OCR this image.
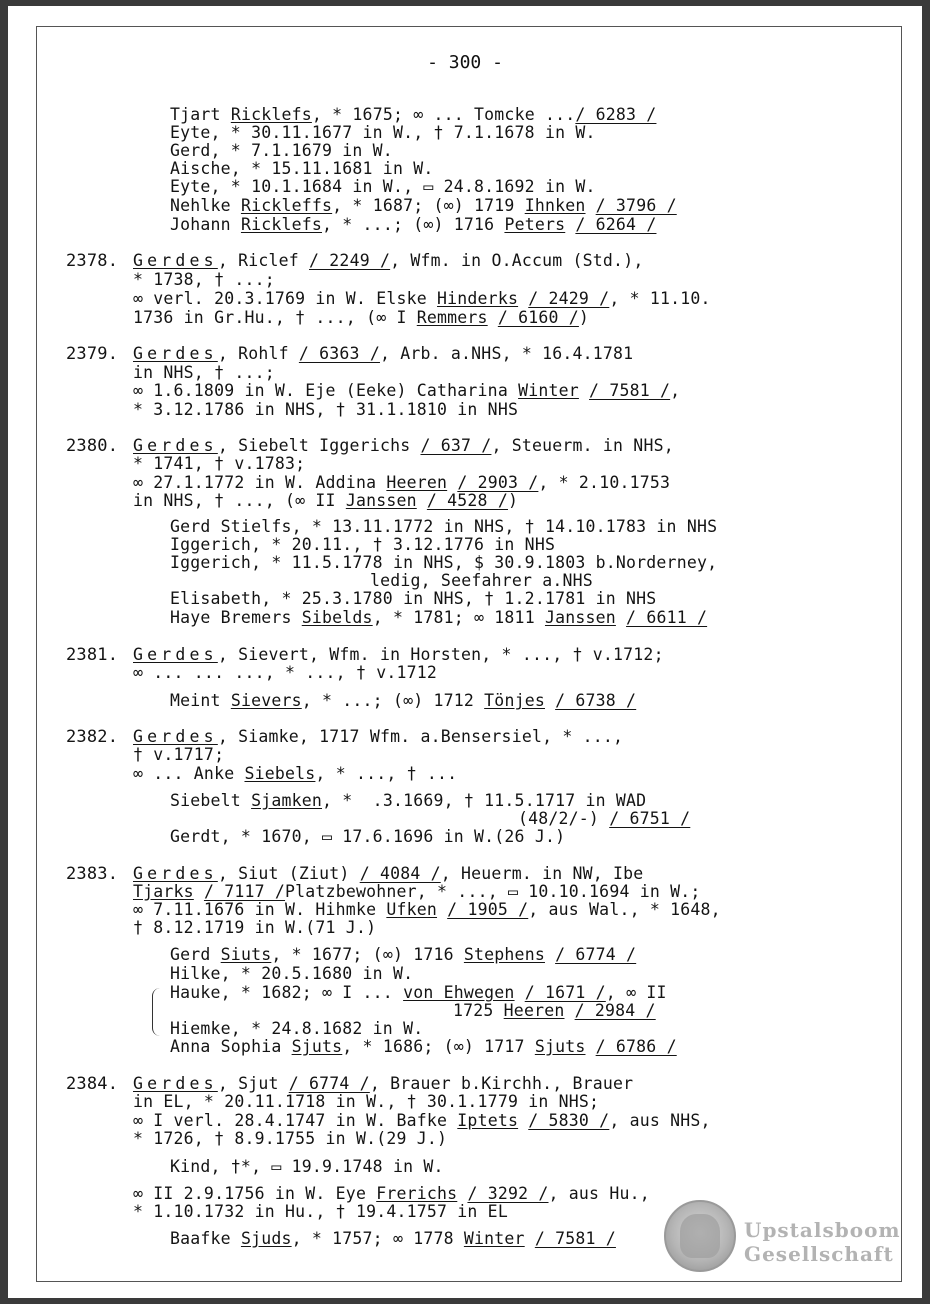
- 300 -
Tjart Ricklefs, * 1675; ∞ ... Tomcke .../ 6283 /
Eyte, * 30.11.1677 in W., † 7.1.1678 in W.
Gerd, * 7.1.1679 in W.
Aische, * 15.11.1681 in W.
Eyte, * 10.1.1684 in W., ▭ 24.8.1692 in W.
Nehlke Rickleffs, * 1687; (∞) 1719 Ihnken / 3796 /
Johann Ricklefs, * ...; (∞) 1716 Peters / 6264 /
2378. Gerdes, Riclef / 2249 /, Wfm. in O.Accum (Std.),
* 1738, † ...;
∞ verl. 20.3.1769 in W. Elske Hinderks / 2429 /, * 11.10.
1736 in Gr.Hu., † ..., (∞ I Remmers / 6160 /)
2379. Gerdes, Rohlf / 6363 /, Arb. a.NHS, * 16.4.1781
in NHS, † ...;
∞ 1.6.1809 in W. Eje (Eeke) Catharina Winter / 7581 /,
* 3.12.1786 in NHS, † 31.1.1810 in NHS
2380. Gerdes, Siebelt Iggerichs / 637 /, Steuerm. in NHS,
* 1741, † v.1783;
∞ 27.1.1772 in W. Addina Heeren / 2903 /, * 2.10.1753
in NHS, † ..., (∞ II Janssen / 4528 /)
Gerd Stielfs, * 13.11.1772 in NHS, † 14.10.1783 in NHS
Iggerich, * 20.11., † 3.12.1776 in NHS
Iggerich, * 11.5.1778 in NHS, $ 30.9.1803 b.Norderney,
ledig, Seefahrer a.NHS
Elisabeth, * 25.3.1780 in NHS, † 1.2.1781 in NHS
Haye Bremers Sibelds, * 1781; ∞ 1811 Janssen / 6611 /
2381. Gerdes, Sievert, Wfm. in Horsten, * ..., † v.1712;
∞ ... ... ..., * ..., † v.1712
Meint Sievers, * ...; (∞) 1712 Tönjes / 6738 /
2382. Gerdes, Siamke, 1717 Wfm. a.Bensersiel, * ...,
† v.1717;
∞ ... Anke Siebels, * ..., † ...
Siebelt Sjamken, *  .3.1669, † 11.5.1717 in WAD
(48/2/-) / 6751 /
Gerdt, * 1670, ▭ 17.6.1696 in W.(26 J.)
2383. Gerdes, Siut (Ziut) / 4084 /, Heuerm. in NW, Ibe
Tjarks / 7117 /Platzbewohner, * ..., ▭ 10.10.1694 in W.;
∞ 7.11.1676 in W. Hihmke Ufken / 1905 /, aus Wal., * 1648,
† 8.12.1719 in W.(71 J.)
Gerd Siuts, * 1677; (∞) 1716 Stephens / 6774 /
Hilke, * 20.5.1680 in W.
Hauke, * 1682; ∞ I ... von Ehwegen / 1671 /, ∞ II
1725 Heeren / 2984 /
Hiemke, * 24.8.1682 in W.
Anna Sophia Sjuts, * 1686; (∞) 1717 Sjuts / 6786 /
2384. Gerdes, Sjut / 6774 /, Brauer b.Kirchh., Brauer
in EL, * 20.11.1718 in W., † 30.1.1779 in NHS;
∞ I verl. 28.4.1747 in W. Bafke Iptets / 5830 /, aus NHS,
* 1726, † 8.9.1755 in W.(29 J.)
Kind, †*, ▭ 19.9.1748 in W.
∞ II 2.9.1756 in W. Eye Frerichs / 3292 /, aus Hu.,
* 1.10.1732 in Hu., † 19.4.1757 in EL
Baafke Sjuds, * 1757; ∞ 1778 Winter / 7581 /	Upstalsboom
Gesellschaft
